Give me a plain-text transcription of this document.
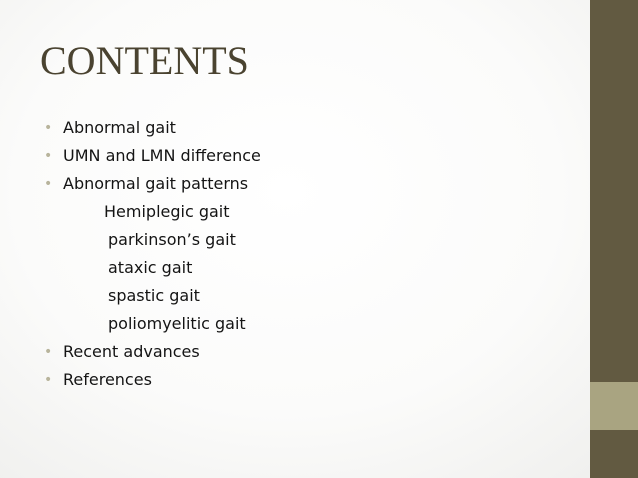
CONTENTS
• Abnormal gait
• UMN and LMN difference
• Abnormal gait patterns
Hemiplegic gait
parkinson’s gait
ataxic gait
spastic gait
poliomyelitic gait
• Recent advances
• References
